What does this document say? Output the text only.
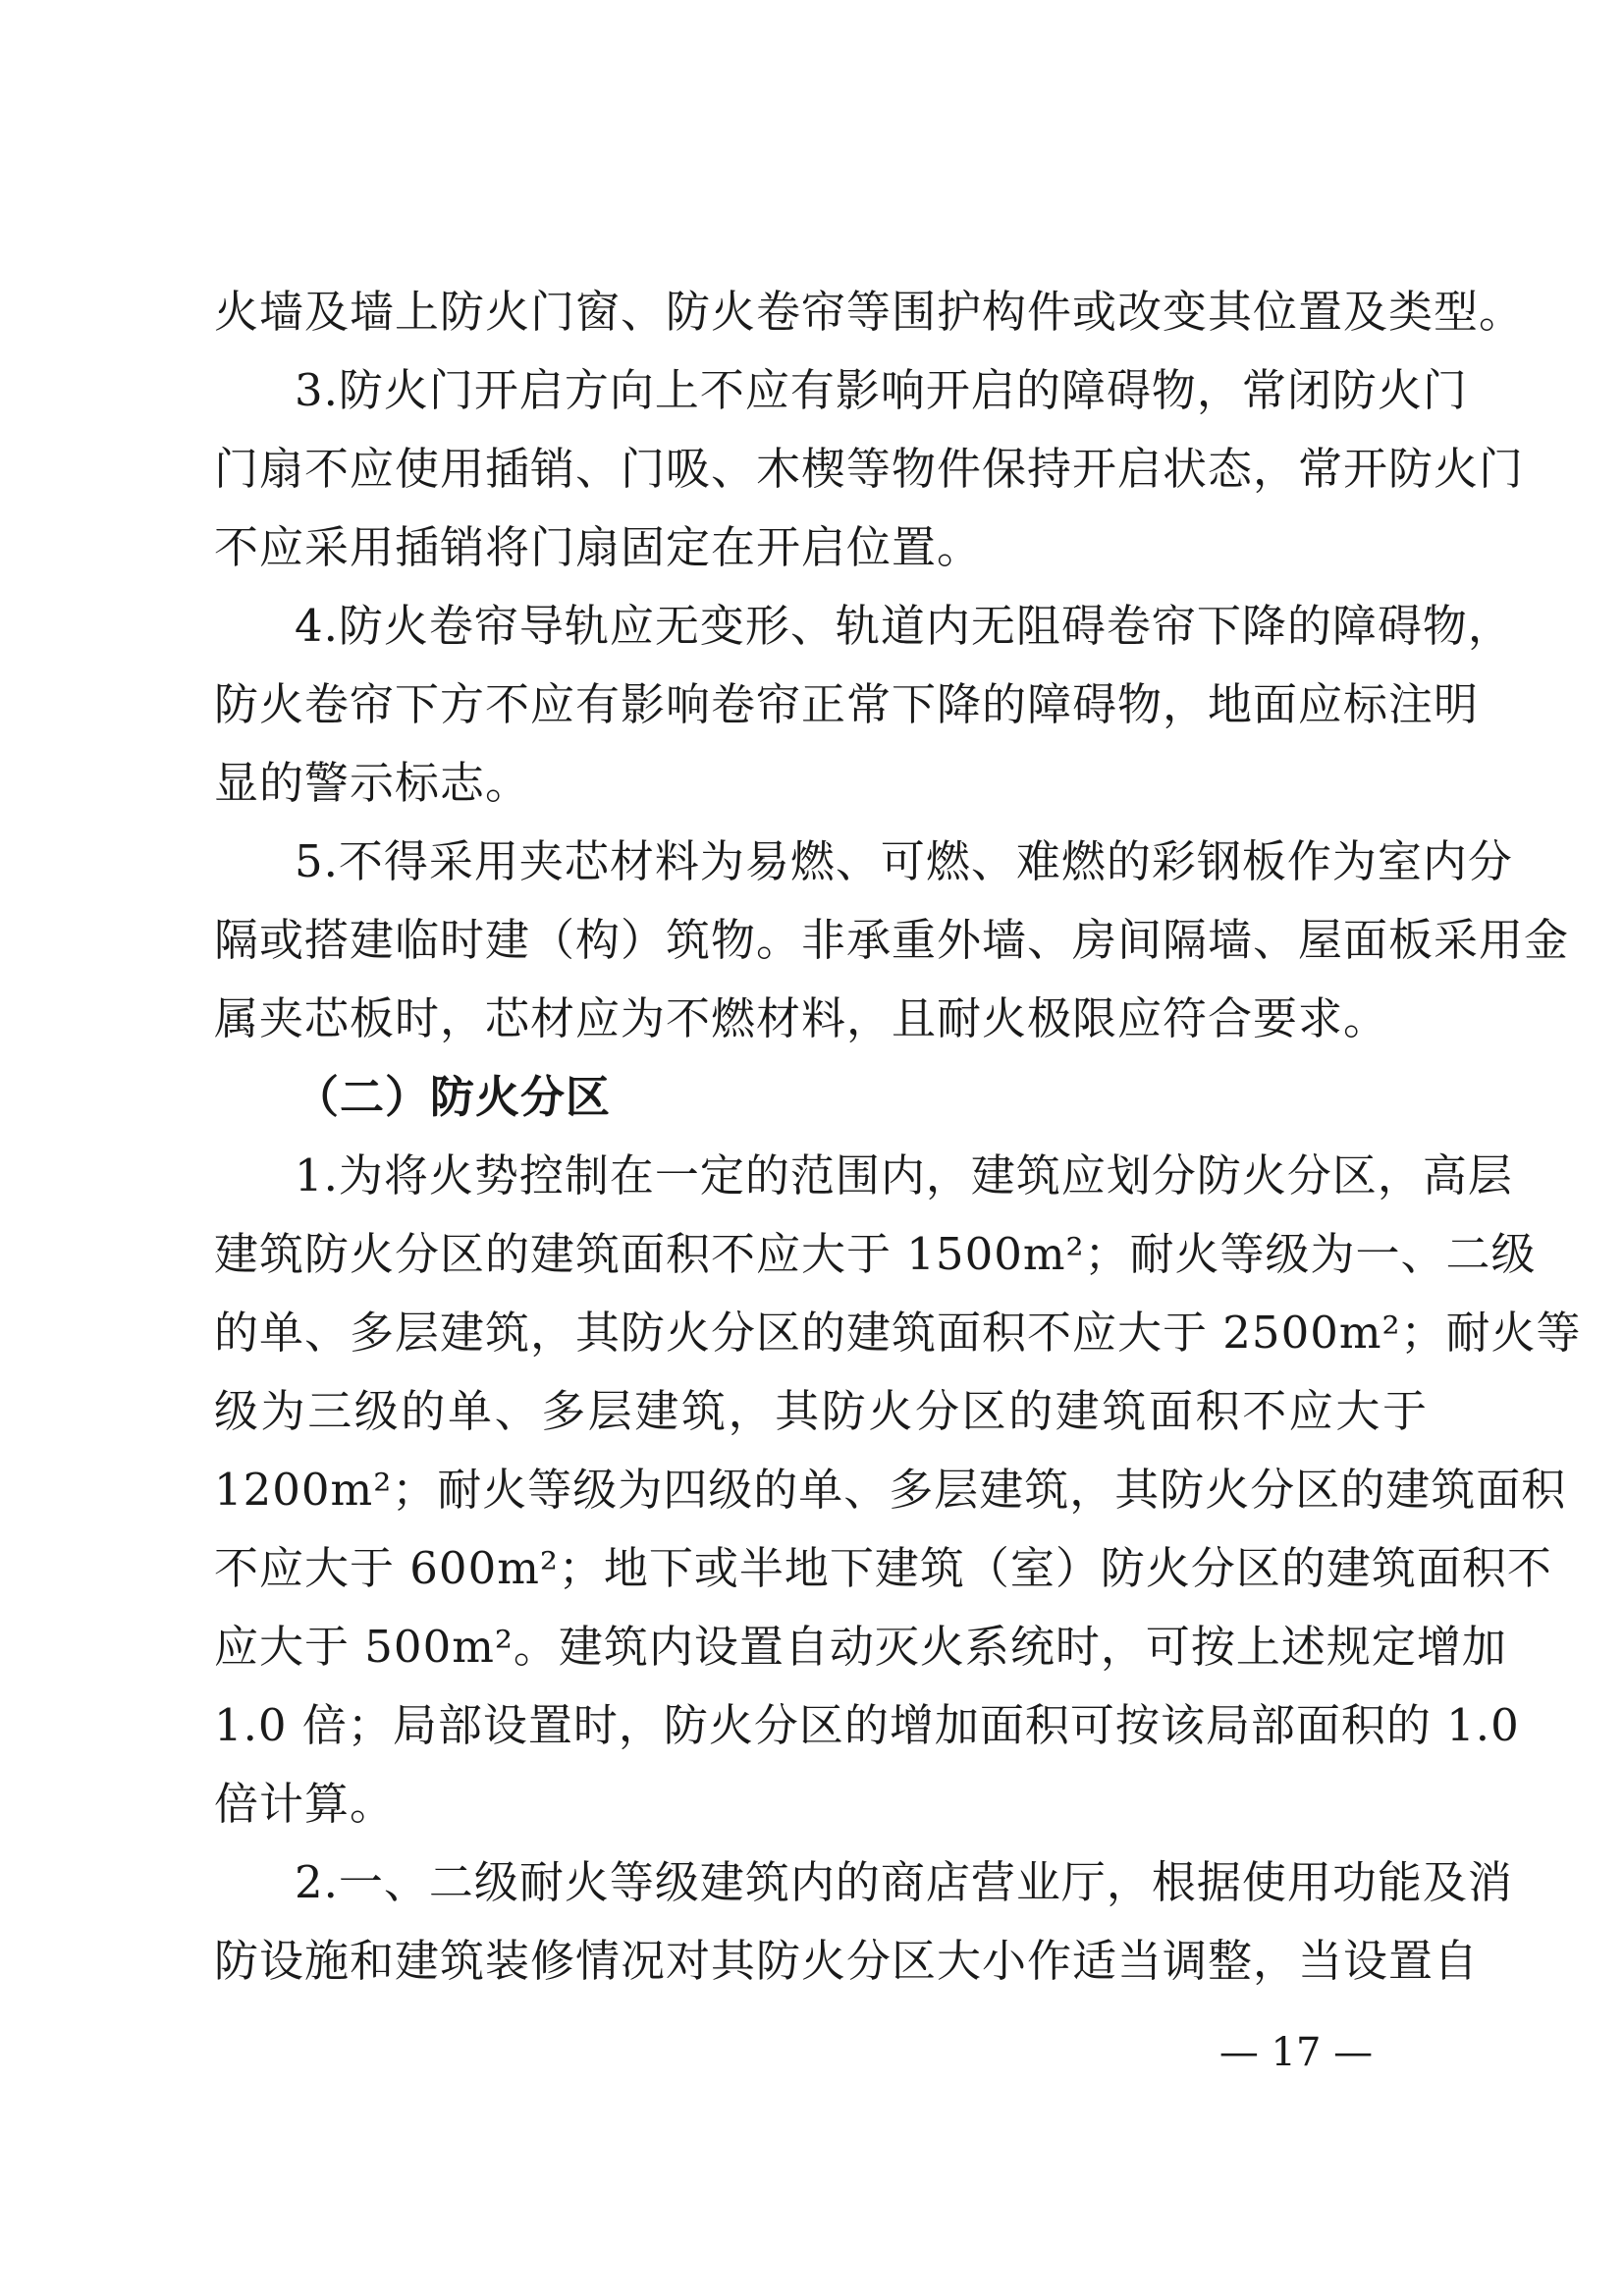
火墙及墙上防火门窗、防火卷帘等围护构件或改变其位置及类型。
3.防火门开启方向上不应有影响开启的障碍物，常闭防火门
门扇不应使用插销、门吸、木楔等物件保持开启状态，常开防火门
不应采用插销将门扇固定在开启位置。
4.防火卷帘导轨应无变形、轨道内无阻碍卷帘下降的障碍物，
防火卷帘下方不应有影响卷帘正常下降的障碍物，地面应标注明
显的警示标志。
5.不得采用夹芯材料为易燃、可燃、难燃的彩钢板作为室内分
隔或搭建临时建（构）筑物。非承重外墙、房间隔墙、屋面板采用金
属夹芯板时，芯材应为不燃材料，且耐火极限应符合要求。
（二）防火分区
1.为将火势控制在一定的范围内，建筑应划分防火分区，高层
建筑防火分区的建筑面积不应大于 1500m²；耐火等级为一、二级
的单、多层建筑，其防火分区的建筑面积不应大于 2500m²；耐火等
级为三级的单、多层建筑，其防火分区的建筑面积不应大于
1200m²；耐火等级为四级的单、多层建筑，其防火分区的建筑面积
不应大于 600m²；地下或半地下建筑（室）防火分区的建筑面积不
应大于 500m²。建筑内设置自动灭火系统时，可按上述规定增加
1.0 倍；局部设置时，防火分区的增加面积可按该局部面积的 1.0
倍计算。
2.一、二级耐火等级建筑内的商店营业厅，根据使用功能及消
防设施和建筑装修情况对其防火分区大小作适当调整，当设置自
— 17 —
